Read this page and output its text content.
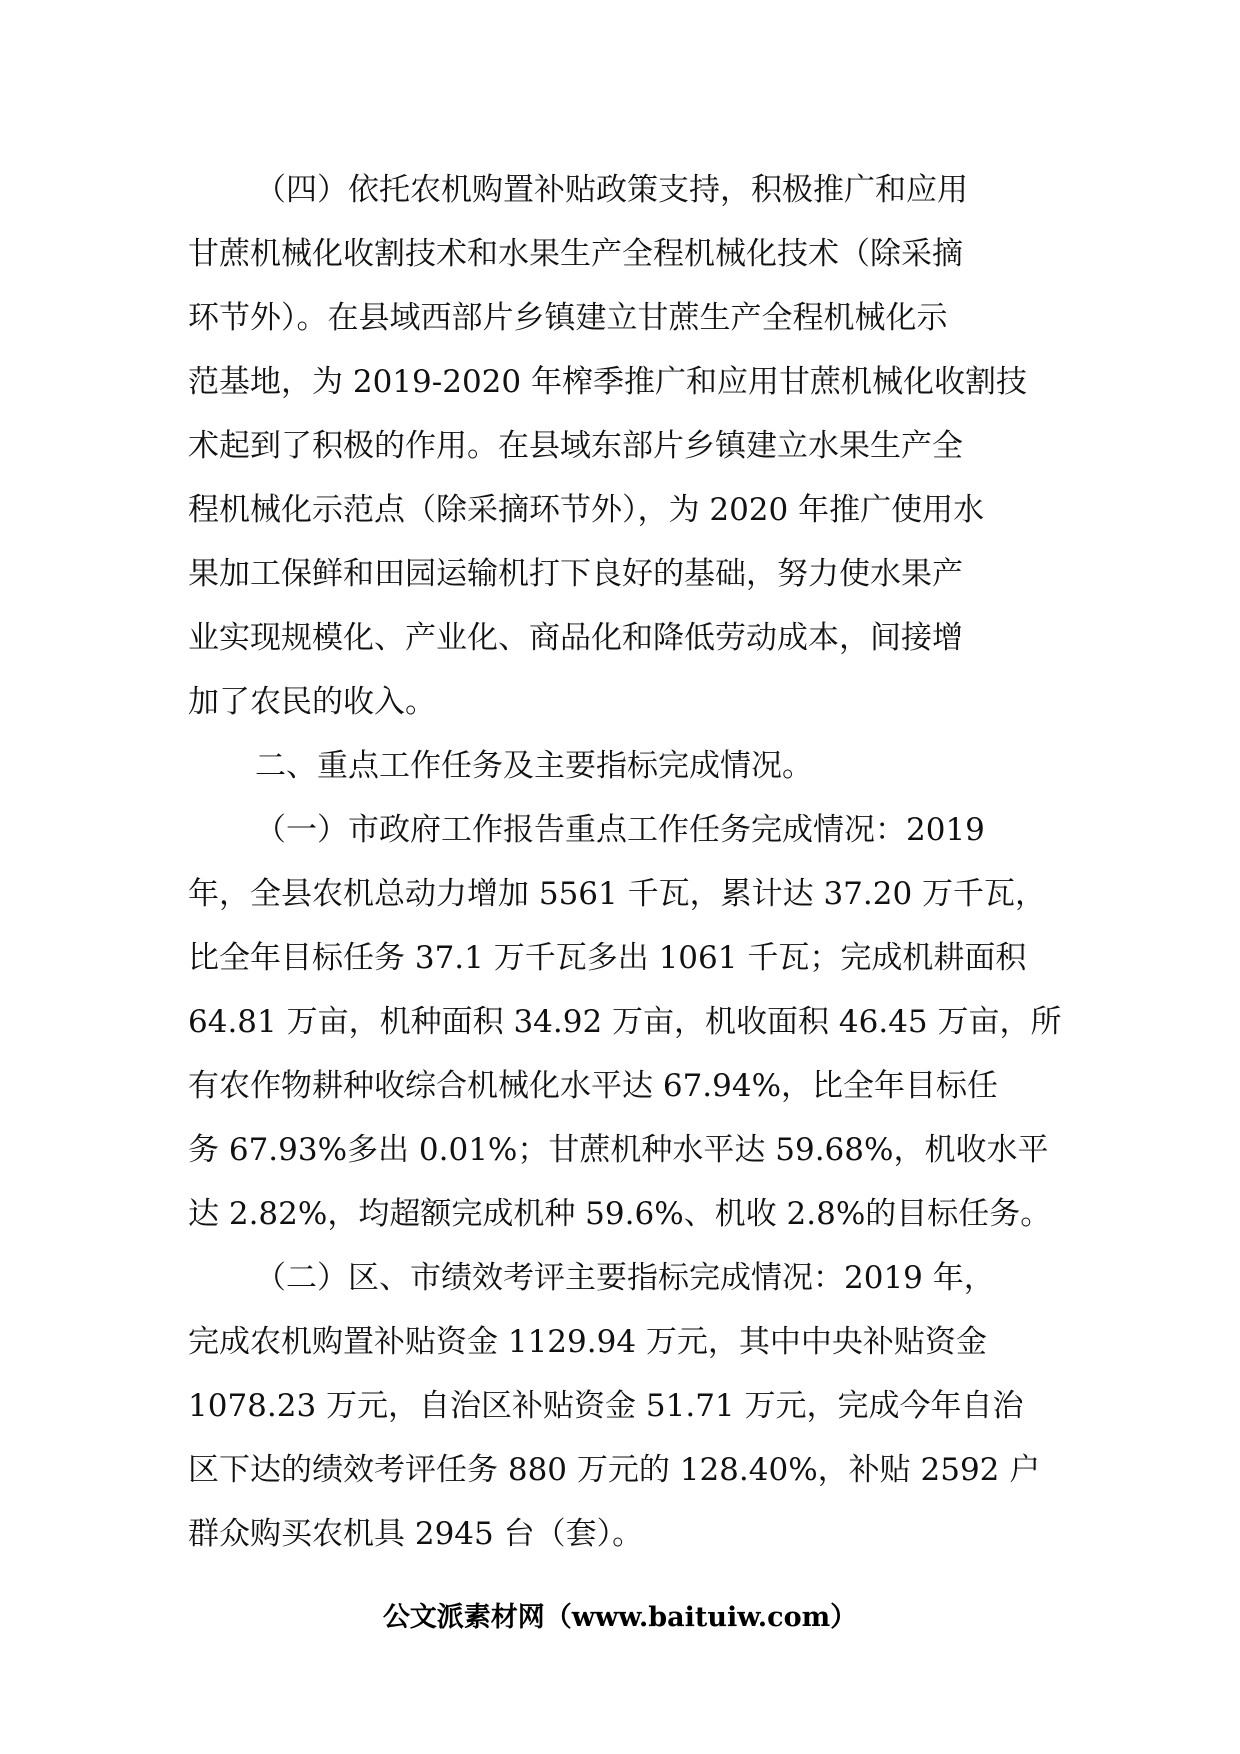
（四）依托农机购置补贴政策支持，积极推广和应用

甘蔗机械化收割技术和水果生产全程机械化技术（除采摘

环节外）。在县域西部片乡镇建立甘蔗生产全程机械化示

范基地，为 2019-2020 年榨季推广和应用甘蔗机械化收割技

术起到了积极的作用。在县域东部片乡镇建立水果生产全

程机械化示范点（除采摘环节外），为 2020 年推广使用水

果加工保鲜和田园运输机打下良好的基础，努力使水果产

业实现规模化、产业化、商品化和降低劳动成本，间接增

加了农民的收入。

二、重点工作任务及主要指标完成情况。

（一）市政府工作报告重点工作任务完成情况：2019

年，全县农机总动力增加 5561 千瓦，累计达 37.20 万千瓦，

比全年目标任务 37.1 万千瓦多出 1061 千瓦；完成机耕面积

64.81 万亩，机种面积 34.92 万亩，机收面积 46.45 万亩，所

有农作物耕种收综合机械化水平达 67.94%，比全年目标任

务 67.93%多出 0.01%；甘蔗机种水平达 59.68%，机收水平

达 2.82%，均超额完成机种 59.6%、机收 2.8%的目标任务。

（二）区、市绩效考评主要指标完成情况：2019 年，

完成农机购置补贴资金 1129.94 万元，其中中央补贴资金

1078.23 万元，自治区补贴资金 51.71 万元，完成今年自治

区下达的绩效考评任务 880 万元的 128.40%，补贴 2592 户

群众购买农机具 2945 台（套）。

公文派素材网（www.baituiw.com）
